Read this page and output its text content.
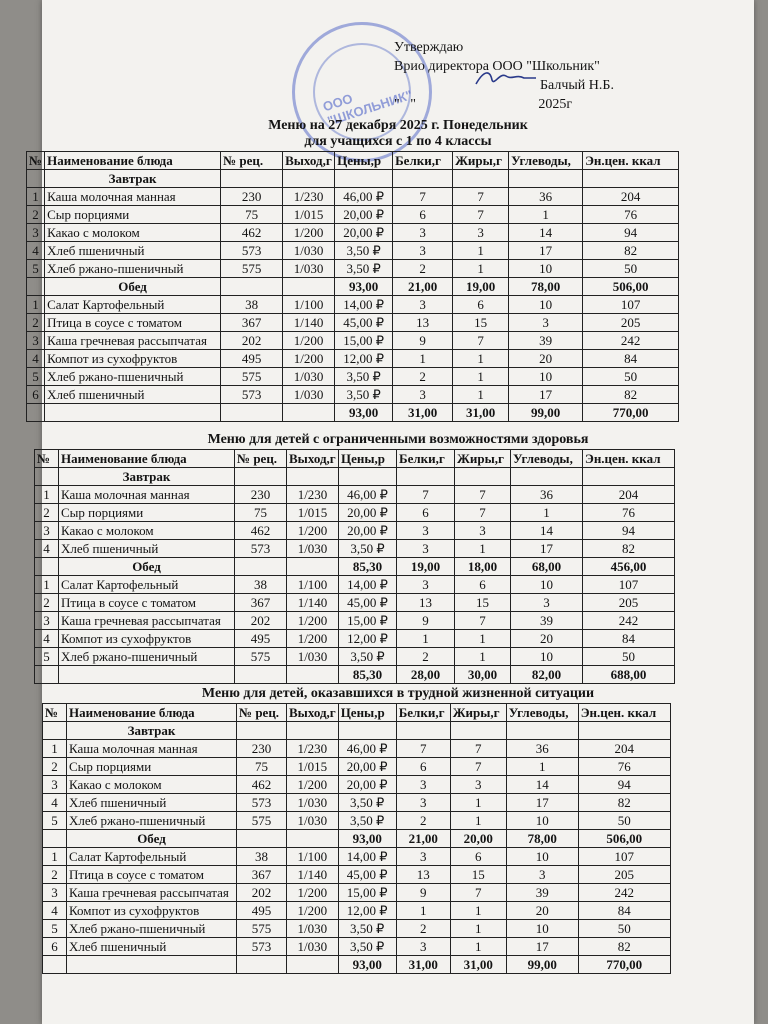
ООО "ШКОЛЬНИК"
Утверждаю
Врио директора ООО "Школьник"
Балчый Н.Б.
"   "                                   2025г
Меню на 27 декабря 2025 г. Понедельник
для учащихся с 1 по 4 классы
№	Наименование блюда	№ рец.	Выход,г	Цены,р	Белки,г	Жиры,г	Углеводы,	Эн.цен. ккал
	Завтрак							
1	Каша молочная манная	230	1/230	46,00 ₽	7	7	36	204
2	Сыр порциями	75	1/015	20,00 ₽	6	7	1	76
3	Какао с молоком	462	1/200	20,00 ₽	3	3	14	94
4	Хлеб пшеничный	573	1/030	3,50 ₽	3	1	17	82
5	Хлеб ржано-пшеничный	575	1/030	3,50 ₽	2	1	10	50
	Обед			93,00	21,00	19,00	78,00	506,00
1	Салат Картофельный	38	1/100	14,00 ₽	3	6	10	107
2	Птица в соусе с томатом	367	1/140	45,00 ₽	13	15	3	205
3	Каша гречневая рассыпчатая	202	1/200	15,00 ₽	9	7	39	242
4	Компот из сухофруктов	495	1/200	12,00 ₽	1	1	20	84
5	Хлеб ржано-пшеничный	575	1/030	3,50 ₽	2	1	10	50
6	Хлеб пшеничный	573	1/030	3,50 ₽	3	1	17	82
				93,00	31,00	31,00	99,00	770,00
Меню для детей с ограниченными возможностями здоровья
№	Наименование блюда	№ рец.	Выход,г	Цены,р	Белки,г	Жиры,г	Углеводы,	Эн.цен. ккал
	Завтрак							
1	Каша молочная манная	230	1/230	46,00 ₽	7	7	36	204
2	Сыр порциями	75	1/015	20,00 ₽	6	7	1	76
3	Какао с молоком	462	1/200	20,00 ₽	3	3	14	94
4	Хлеб пшеничный	573	1/030	3,50 ₽	3	1	17	82
	Обед			85,30	19,00	18,00	68,00	456,00
1	Салат Картофельный	38	1/100	14,00 ₽	3	6	10	107
2	Птица в соусе с томатом	367	1/140	45,00 ₽	13	15	3	205
3	Каша гречневая рассыпчатая	202	1/200	15,00 ₽	9	7	39	242
4	Компот из сухофруктов	495	1/200	12,00 ₽	1	1	20	84
5	Хлеб ржано-пшеничный	575	1/030	3,50 ₽	2	1	10	50
				85,30	28,00	30,00	82,00	688,00
Меню для детей, оказавшихся в трудной жизненной ситуации
№	Наименование блюда	№ рец.	Выход,г	Цены,р	Белки,г	Жиры,г	Углеводы,	Эн.цен. ккал
	Завтрак							
1	Каша молочная манная	230	1/230	46,00 ₽	7	7	36	204
2	Сыр порциями	75	1/015	20,00 ₽	6	7	1	76
3	Какао с молоком	462	1/200	20,00 ₽	3	3	14	94
4	Хлеб пшеничный	573	1/030	3,50 ₽	3	1	17	82
5	Хлеб ржано-пшеничный	575	1/030	3,50 ₽	2	1	10	50
	Обед			93,00	21,00	20,00	78,00	506,00
1	Салат Картофельный	38	1/100	14,00 ₽	3	6	10	107
2	Птица в соусе с томатом	367	1/140	45,00 ₽	13	15	3	205
3	Каша гречневая рассыпчатая	202	1/200	15,00 ₽	9	7	39	242
4	Компот из сухофруктов	495	1/200	12,00 ₽	1	1	20	84
5	Хлеб ржано-пшеничный	575	1/030	3,50 ₽	2	1	10	50
6	Хлеб пшеничный	573	1/030	3,50 ₽	3	1	17	82
				93,00	31,00	31,00	99,00	770,00
